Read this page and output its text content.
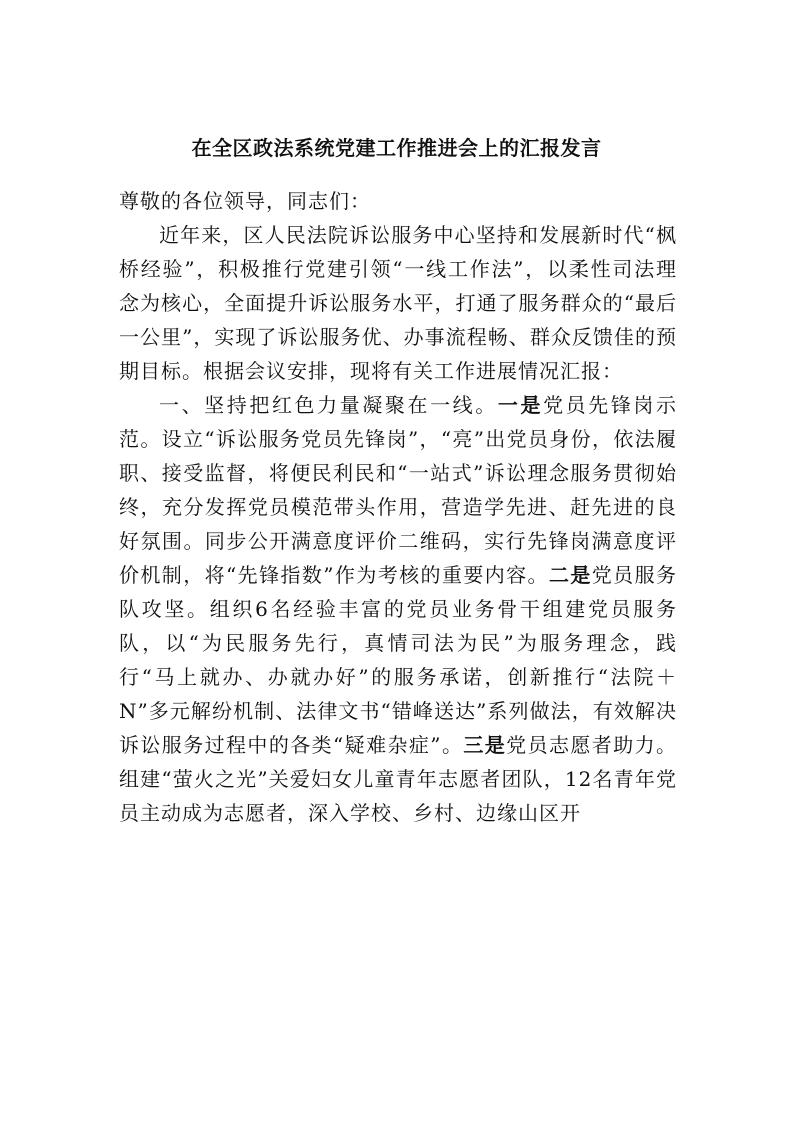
在全区政法系统党建工作推进会上的汇报发言

尊敬的各位领导，同志们：

近年来，区人民法院诉讼服务中心坚持和发展新时代“枫桥经验”，积极推行党建引领“一线工作法”，以柔性司法理念为核心，全面提升诉讼服务水平，打通了服务群众的“最后一公里”，实现了诉讼服务优、办事流程畅、群众反馈佳的预期目标。根据会议安排，现将有关工作进展情况汇报：

一、坚持把红色力量凝聚在一线。一是党员先锋岗示范。设立“诉讼服务党员先锋岗”，“亮”出党员身份，依法履职、接受监督，将便民利民和“一站式”诉讼理念服务贯彻始终，充分发挥党员模范带头作用，营造学先进、赶先进的良好氛围。同步公开满意度评价二维码，实行先锋岗满意度评价机制，将“先锋指数”作为考核的重要内容。二是党员服务队攻坚。组织6名经验丰富的党员业务骨干组建党员服务队，以“为民服务先行，真情司法为民”为服务理念，践行“马上就办、办就办好”的服务承诺，创新推行“法院＋N”多元解纷机制、法律文书“错峰送达”系列做法，有效解决诉讼服务过程中的各类“疑难杂症”。三是党员志愿者助力。组建“萤火之光”关爱妇女儿童青年志愿者团队，12名青年党员主动成为志愿者，深入学校、乡村、边缘山区开
